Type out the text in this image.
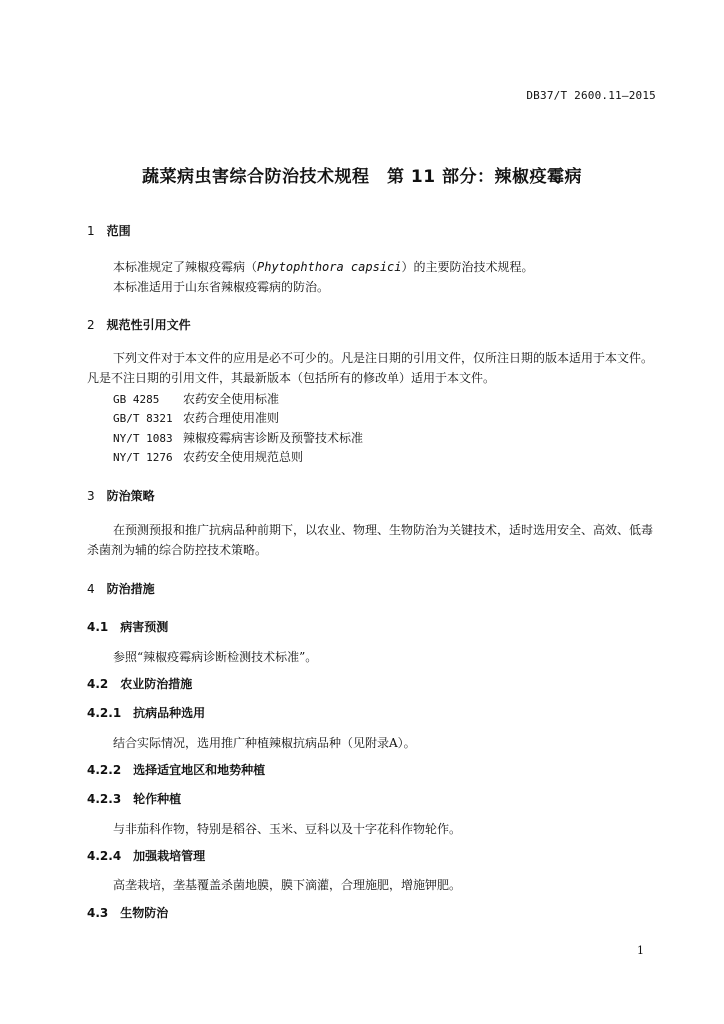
DB37/T 2600.11—2015
蔬菜病虫害综合防治技术规程　第 11 部分：辣椒疫霉病
1 范围
本标准规定了辣椒疫霉病（Phytophthora capsici）的主要防治技术规程。
本标准适用于山东省辣椒疫霉病的防治。
2 规范性引用文件
下列文件对于本文件的应用是必不可少的。凡是注日期的引用文件，仅所注日期的版本适用于本文件。凡是不注日期的引用文件，其最新版本（包括所有的修改单）适用于本文件。
GB 4285 农药安全使用标准
GB/T 8321 农药合理使用准则
NY/T 1083 辣椒疫霉病害诊断及预警技术标准
NY/T 1276 农药安全使用规范总则
3 防治策略
在预测预报和推广抗病品种前期下，以农业、物理、生物防治为关键技术，适时选用安全、高效、低毒杀菌剂为辅的综合防控技术策略。
4 防治措施
4.1 病害预测
参照“辣椒疫霉病诊断检测技术标准”。
4.2 农业防治措施
4.2.1 抗病品种选用
结合实际情况，选用推广种植辣椒抗病品种（见附录A）。
4.2.2 选择适宜地区和地势种植
4.2.3 轮作种植
与非茄科作物，特别是稻谷、玉米、豆科以及十字花科作物轮作。
4.2.4 加强栽培管理
高垄栽培，垄基覆盖杀菌地膜，膜下滴灌，合理施肥，增施钾肥。
4.3 生物防治
1
